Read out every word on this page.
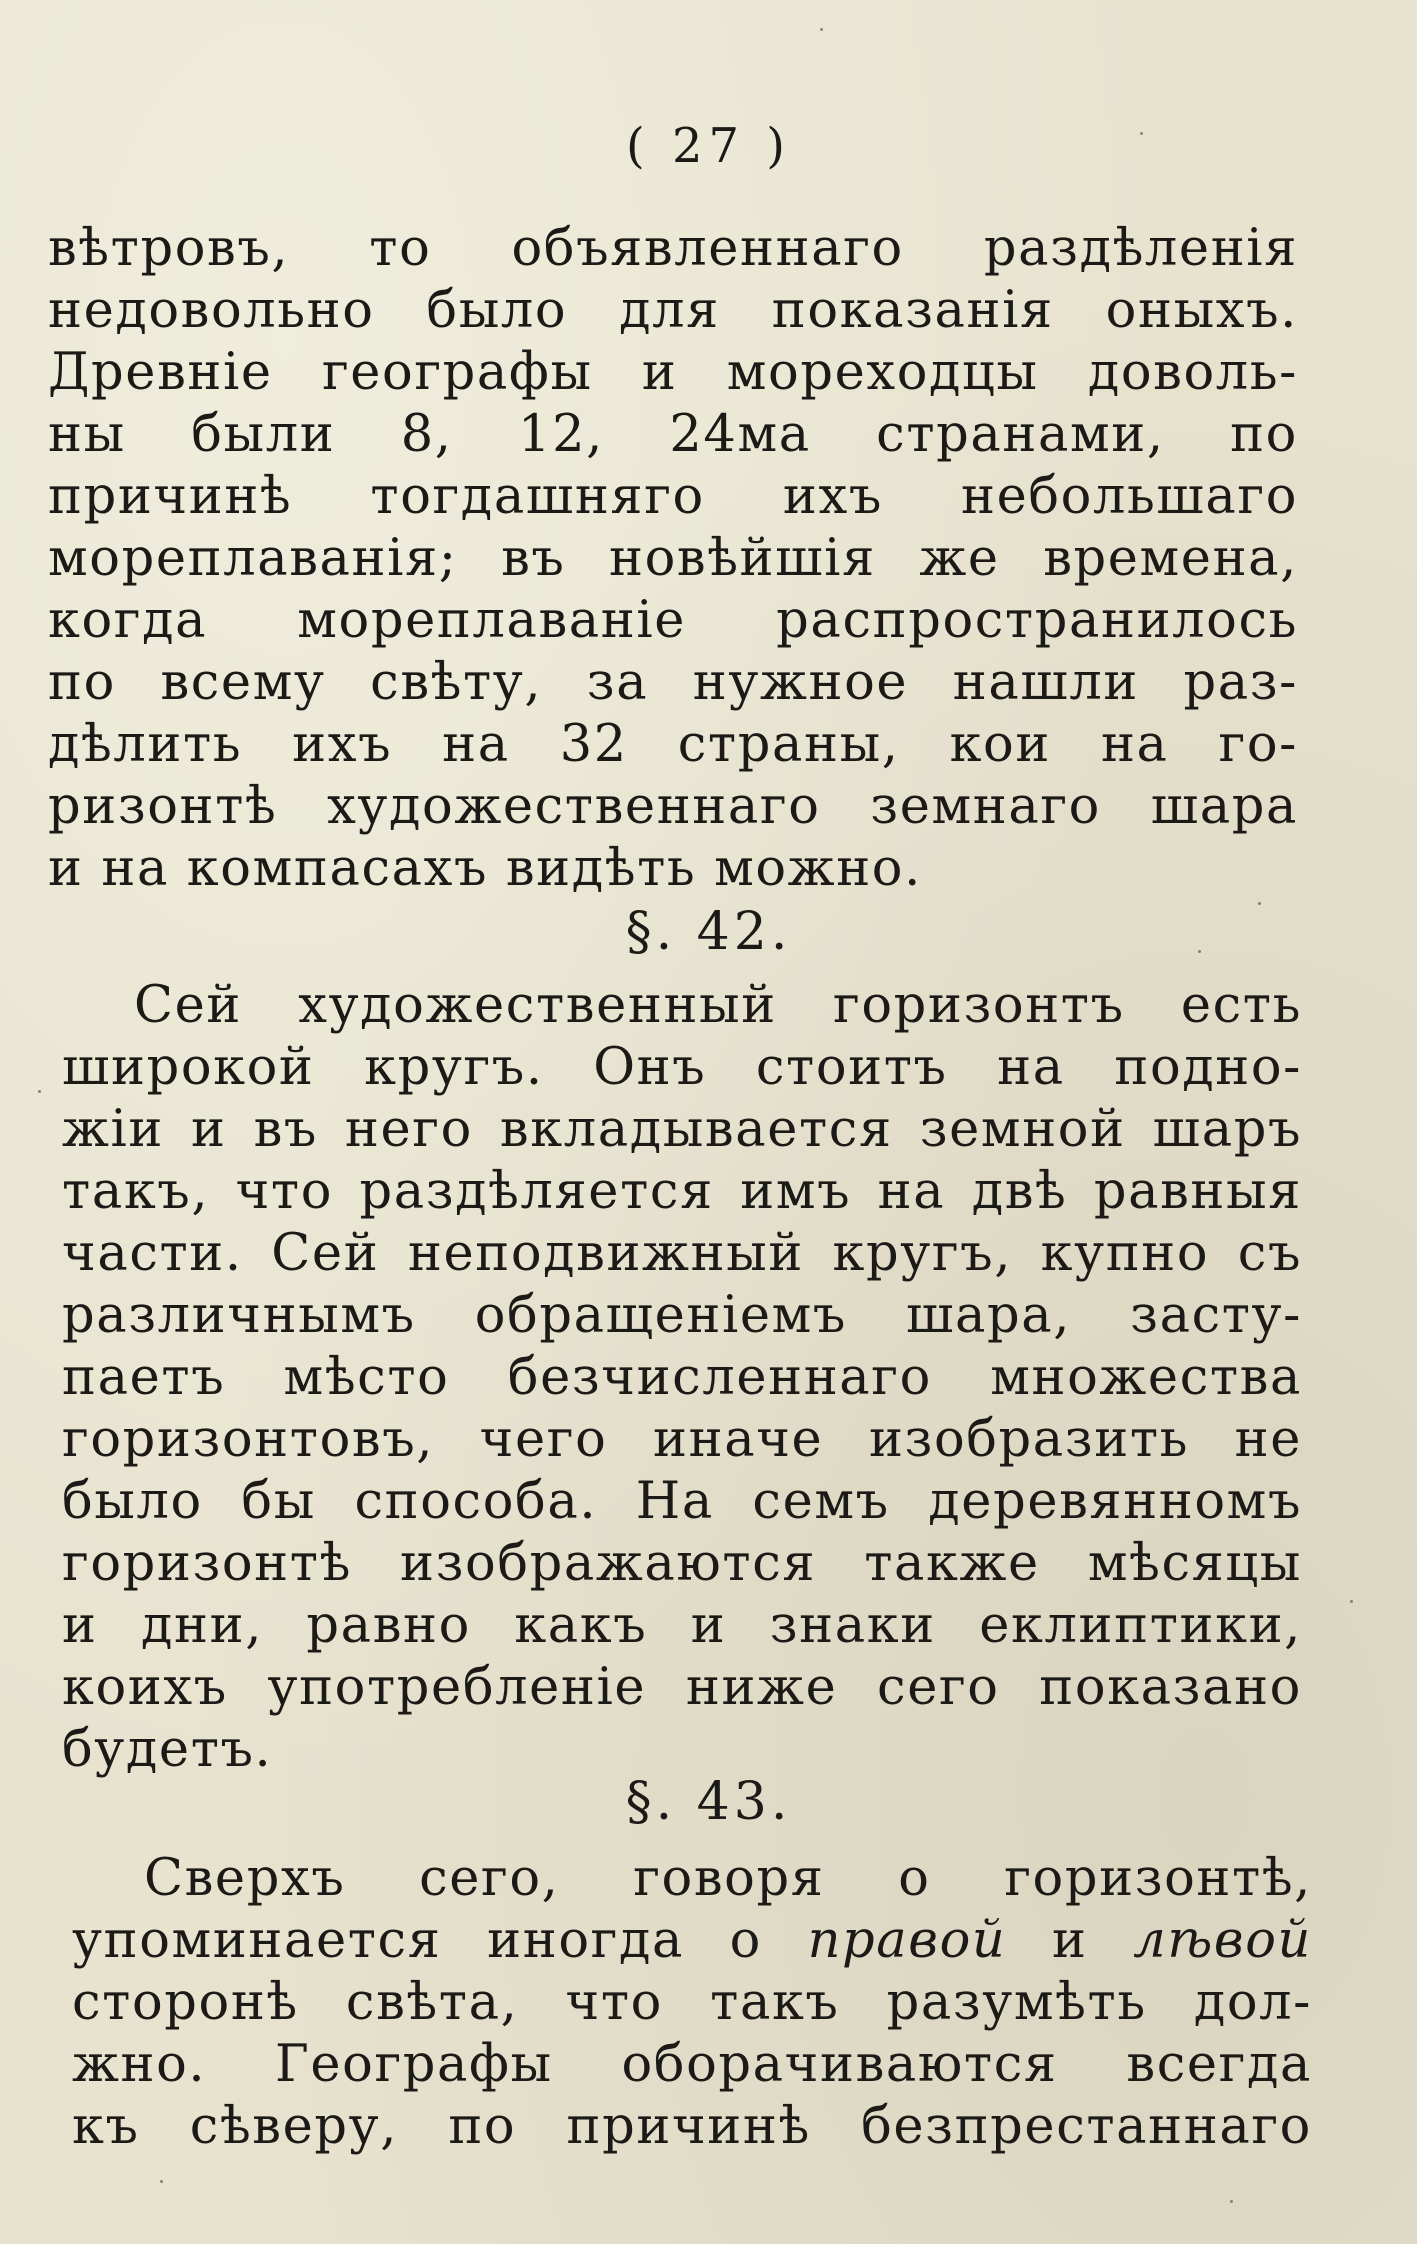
( 27 )
вѣтровъ, то объявленнаго раздѣленія
недовольно было для показанія оныхъ.
Древніе географы и мореходцы доволь-
ны были 8, 12, 24ма странами, по
причинѣ тогдашняго ихъ небольшаго
мореплаванія; въ новѣйшія же времена,
когда мореплаваніе распространилось
по всему свѣту, за нужное нашли раз-
дѣлить ихъ на 32 страны, кои на го-
ризонтѣ художественнаго земнаго шара
и на компасахъ видѣть можно.
§. 42.
Сей художественный горизонтъ есть
широкой кругъ. Онъ стоитъ на подно-
жіи и въ него вкладывается земной шаръ
такъ, что раздѣляется имъ на двѣ равныя
части. Сей неподвижный кругъ, купно съ
различнымъ обращеніемъ шара, засту-
паетъ мѣсто безчисленнаго множества
горизонтовъ, чего иначе изобразить не
было бы способа. На семъ деревянномъ
горизонтѣ изображаются также мѣсяцы
и дни, равно какъ и знаки еклиптики,
коихъ употребленіе ниже сего показано
будетъ.
§. 43.
Сверхъ сего, говоря о горизонтѣ,
упоминается иногда о правой и лѣвой
сторонѣ свѣта, что такъ разумѣть дол-
жно. Географы оборачиваются всегда
къ сѣверу, по причинѣ безпрестаннаго
